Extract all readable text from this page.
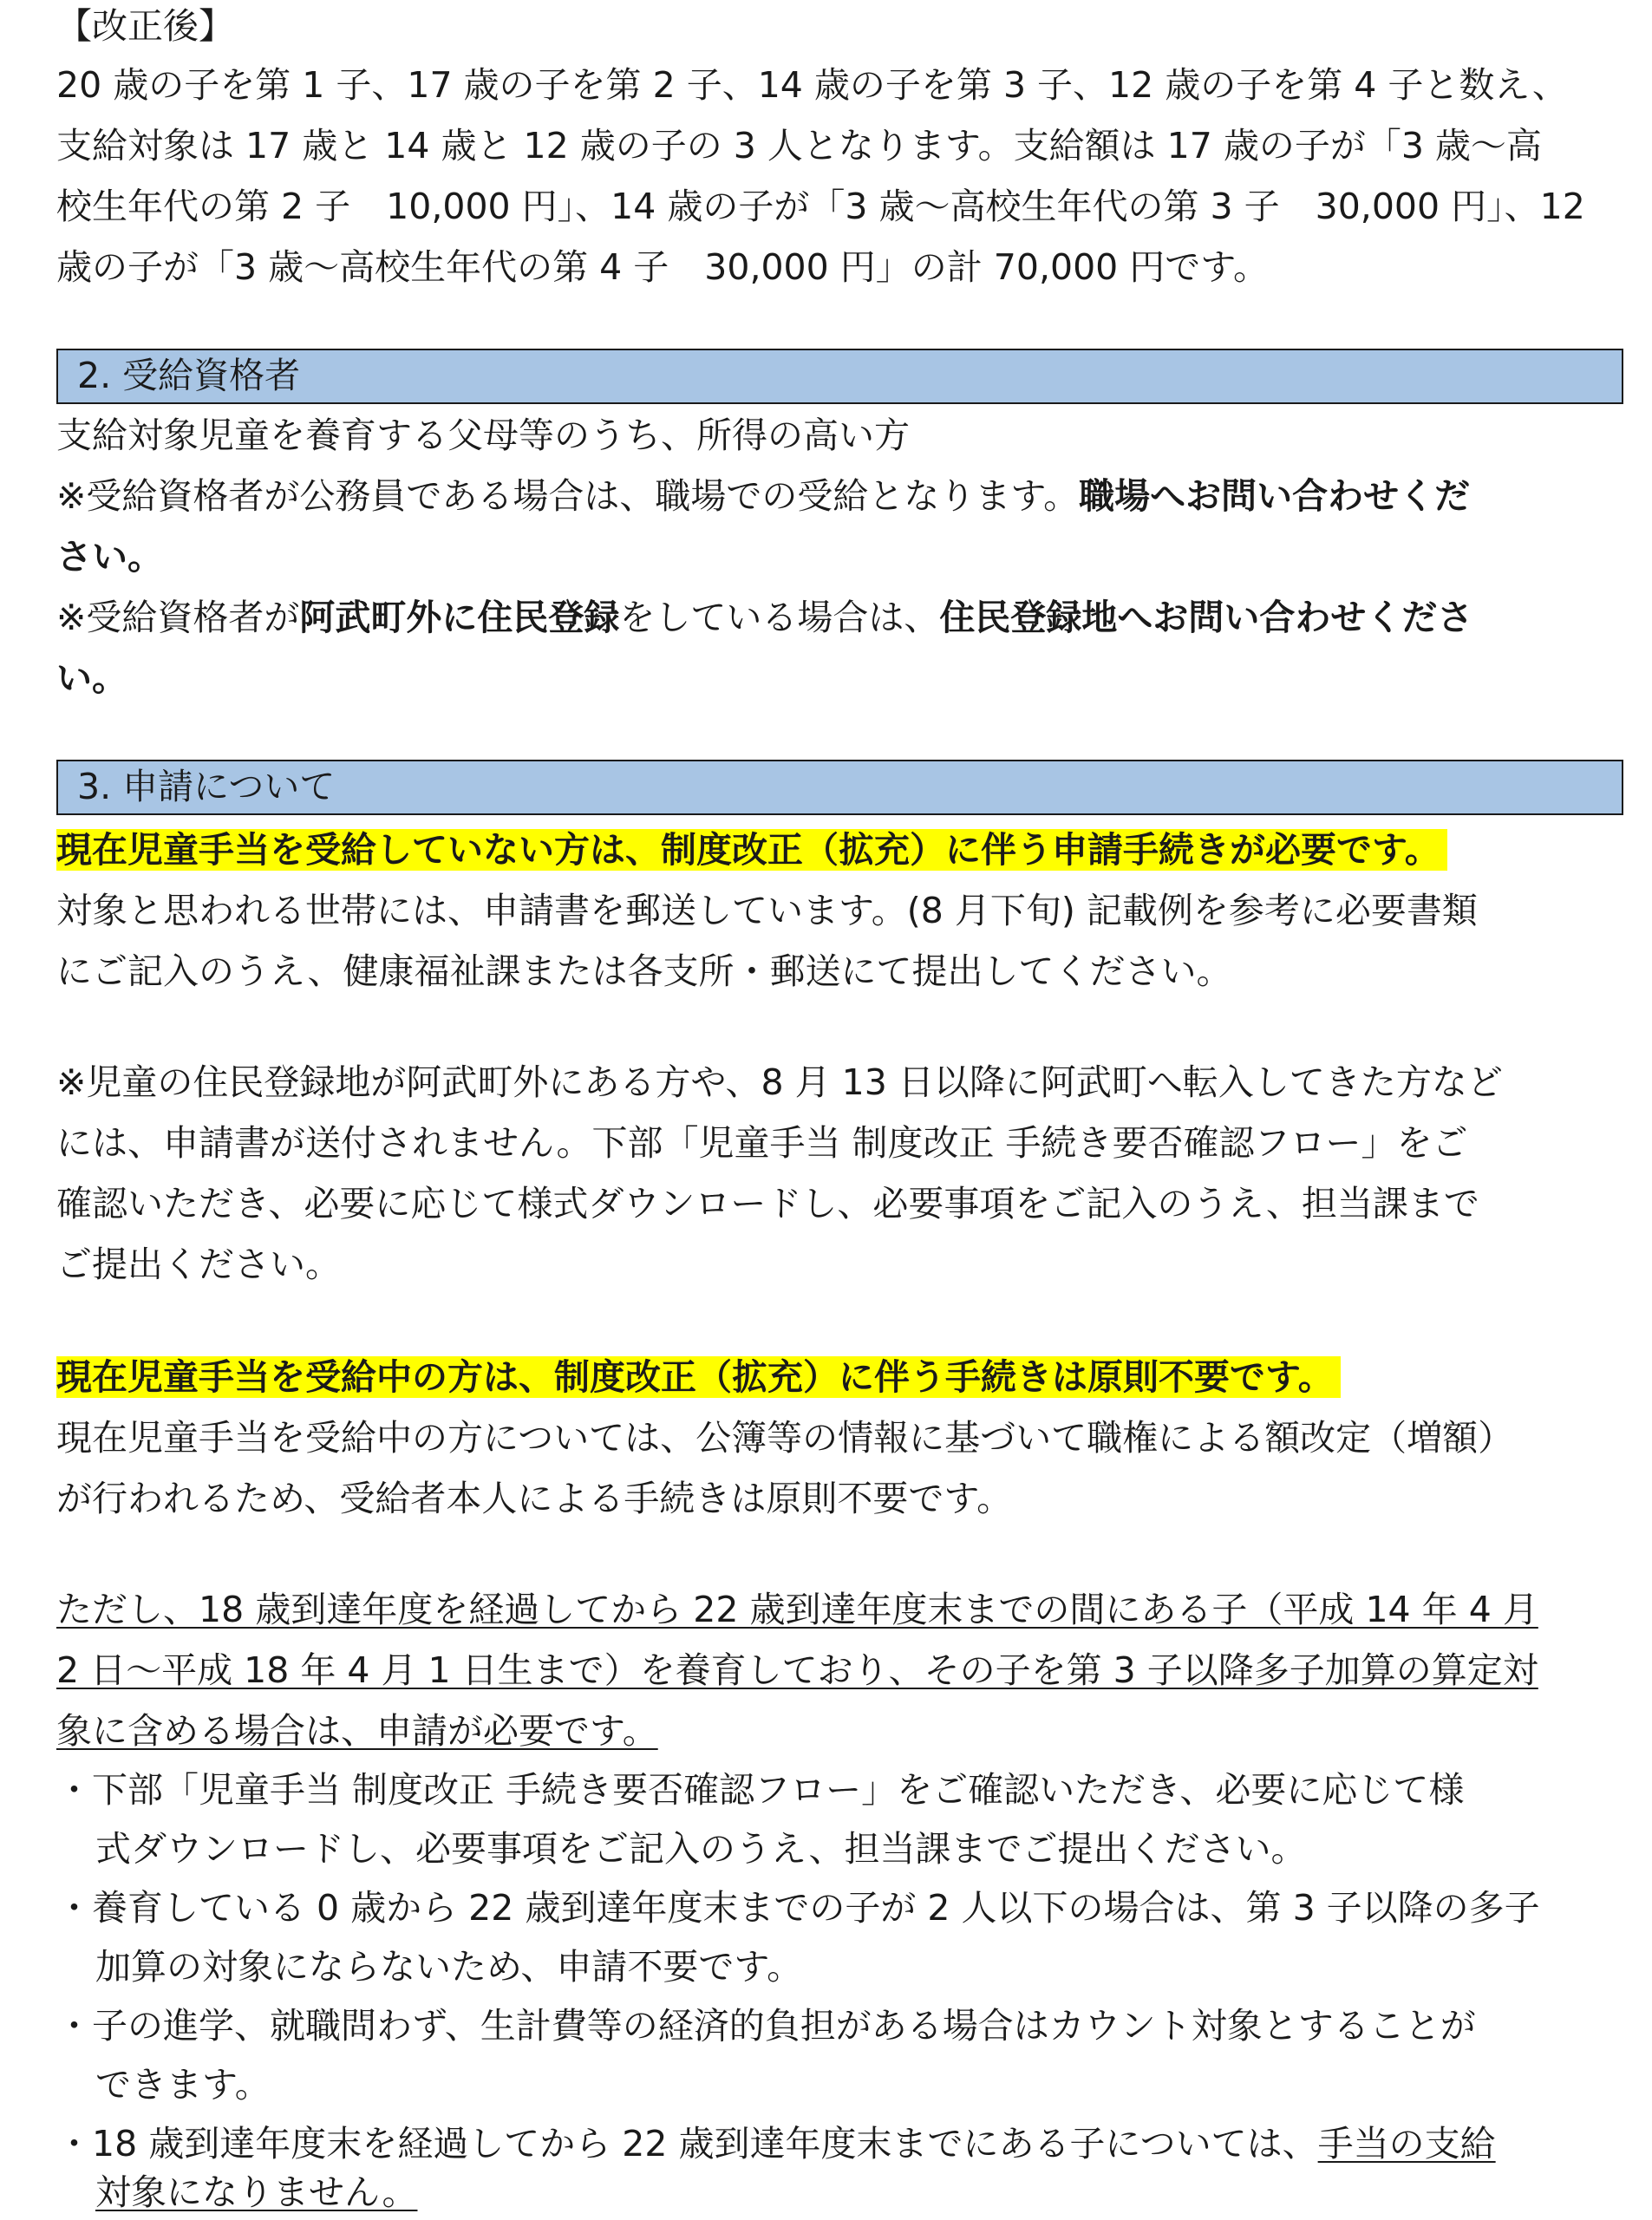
【改正後】

20 歳の子を第 1 子、17 歳の子を第 2 子、14 歳の子を第 3 子、12 歳の子を第 4 子と数え、

支給対象は 17 歳と 14 歳と 12 歳の子の 3 人となります。支給額は 17 歳の子が「3 歳～高

校生年代の第 2 子　10,000 円」、14 歳の子が「3 歳～高校生年代の第 3 子　30,000 円」、12

歳の子が「3 歳～高校生年代の第 4 子　30,000 円」の計 70,000 円です。

2. 受給資格者

支給対象児童を養育する父母等のうち、所得の高い方

※受給資格者が公務員である場合は、職場での受給となります。職場へお問い合わせくだ

さい。

※受給資格者が阿武町外に住民登録をしている場合は、住民登録地へお問い合わせくださ

い。

3. 申請について

現在児童手当を受給していない方は、制度改正（拡充）に伴う申請手続きが必要です。

対象と思われる世帯には、申請書を郵送しています。(8 月下旬) 記載例を参考に必要書類

にご記入のうえ、健康福祉課または各支所・郵送にて提出してください。

※児童の住民登録地が阿武町外にある方や、8 月 13 日以降に阿武町へ転入してきた方など

には、申請書が送付されません。下部「児童手当 制度改正 手続き要否確認フロー」をご

確認いただき、必要に応じて様式ダウンロードし、必要事項をご記入のうえ、担当課まで

ご提出ください。

現在児童手当を受給中の方は、制度改正（拡充）に伴う手続きは原則不要です。

現在児童手当を受給中の方については、公簿等の情報に基づいて職権による額改定（増額）

が行われるため、受給者本人による手続きは原則不要です。

ただし、18 歳到達年度を経過してから 22 歳到達年度末までの間にある子（平成 14 年 4 月

2 日～平成 18 年 4 月 1 日生まで）を養育しており、その子を第 3 子以降多子加算の算定対

象に含める場合は、申請が必要です。

・下部「児童手当 制度改正 手続き要否確認フロー」をご確認いただき、必要に応じて様

式ダウンロードし、必要事項をご記入のうえ、担当課までご提出ください。

・養育している 0 歳から 22 歳到達年度末までの子が 2 人以下の場合は、第 3 子以降の多子

加算の対象にならないため、申請不要です。

・子の進学、就職問わず、生計費等の経済的負担がある場合はカウント対象とすることが

できます。

・18 歳到達年度末を経過してから 22 歳到達年度末までにある子については、手当の支給

対象になりません。
